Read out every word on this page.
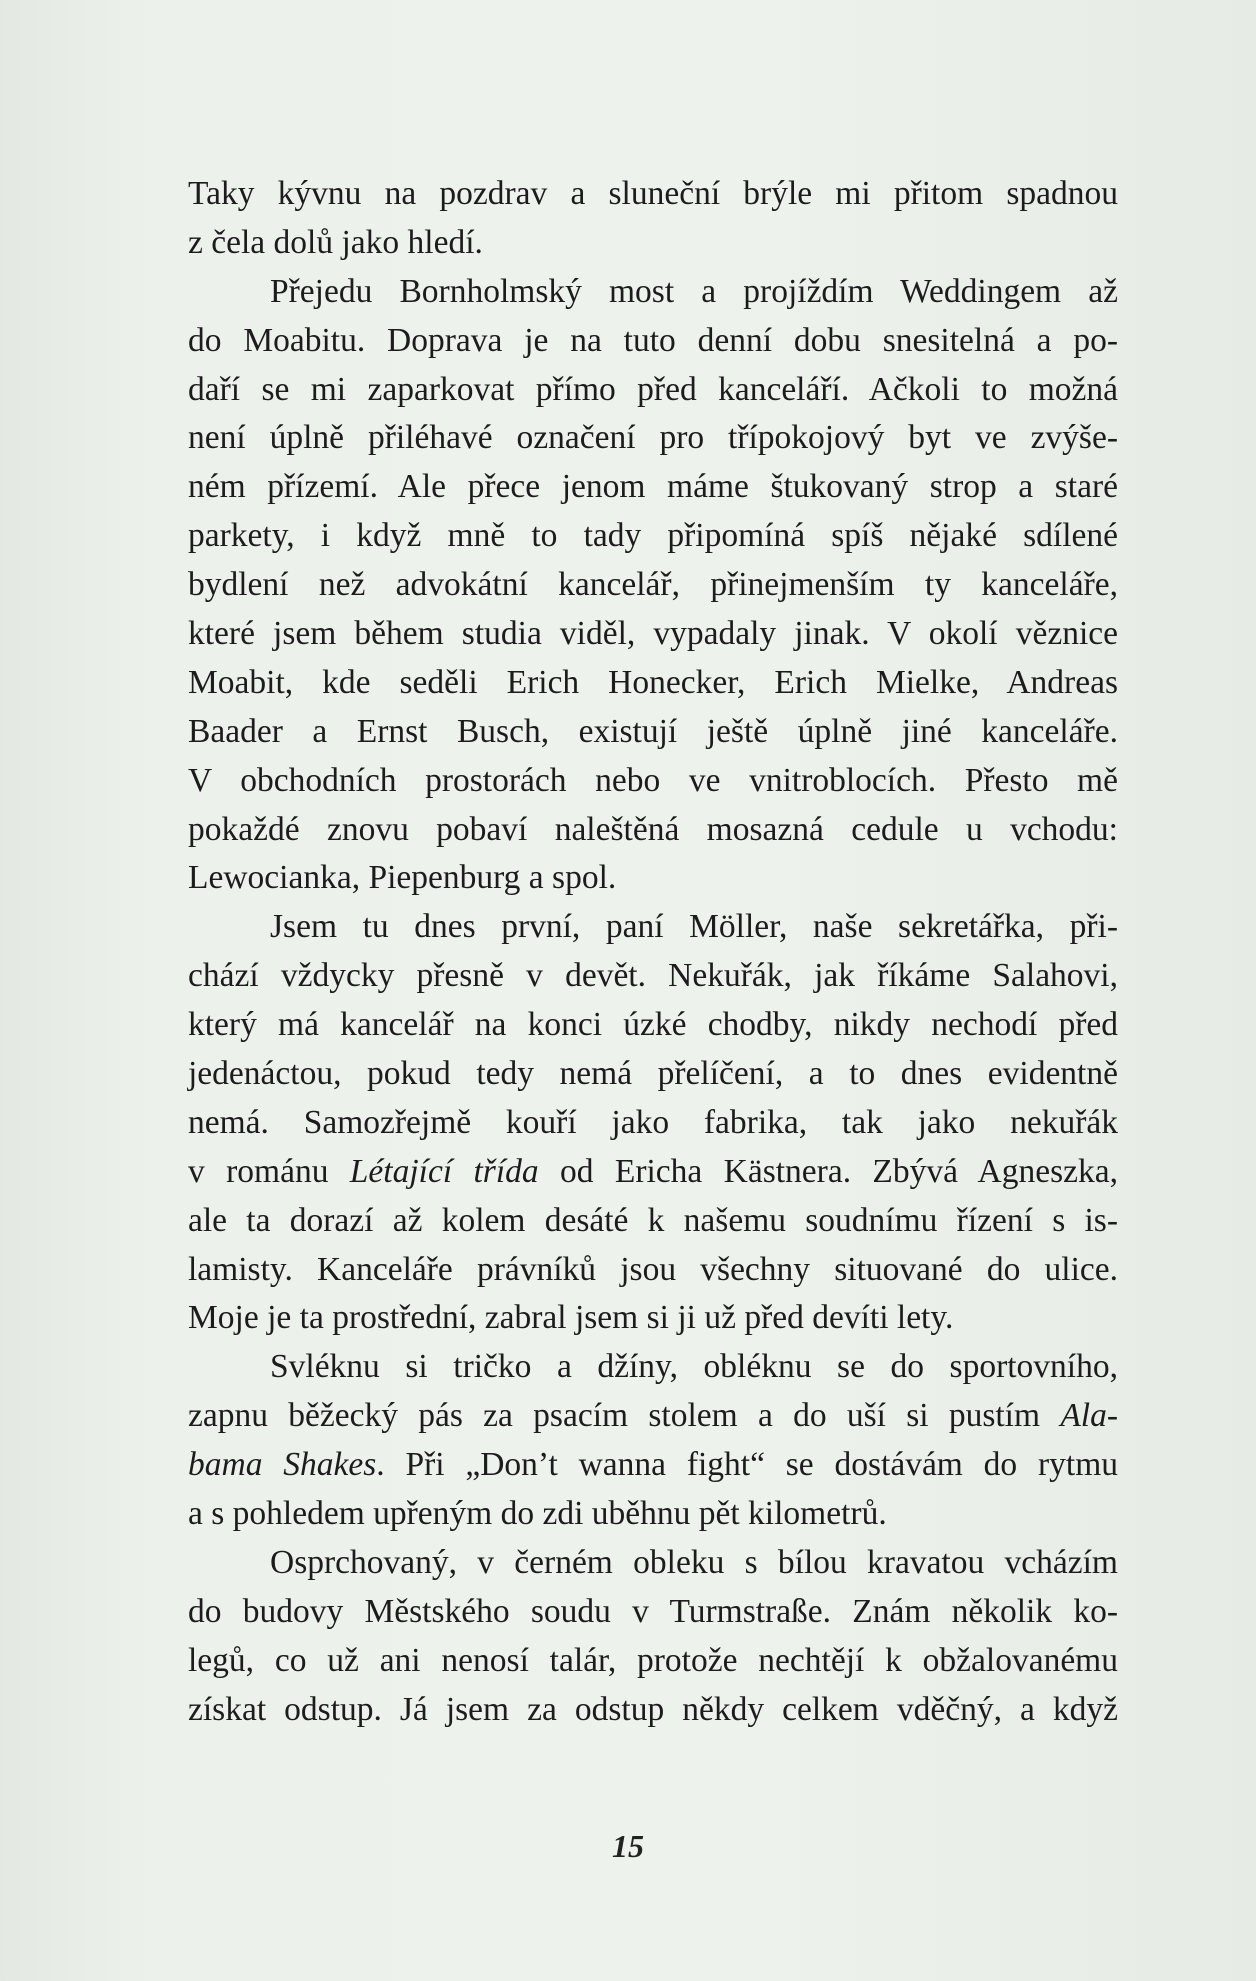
Taky kývnu na pozdrav a sluneční brýle mi přitom spadnou
z čela dolů jako hledí.
Přejedu Bornholmský most a projíždím Weddingem až
do Moabitu. Doprava je na tuto denní dobu snesitelná a po-
daří se mi zaparkovat přímo před kanceláří. Ačkoli to možná
není úplně přiléhavé označení pro třípokojový byt ve zvýše-
ném přízemí. Ale přece jenom máme štukovaný strop a staré
parkety, i když mně to tady připomíná spíš nějaké sdílené
bydlení než advokátní kancelář, přinejmenším ty kanceláře,
které jsem během studia viděl, vypadaly jinak. V okolí věznice
Moabit, kde seděli Erich Honecker, Erich Mielke, Andreas
Baader a Ernst Busch, existují ještě úplně jiné kanceláře.
V obchodních prostorách nebo ve vnitroblocích. Přesto mě
pokaždé znovu pobaví naleštěná mosazná cedule u vchodu:
Lewocianka, Piepenburg a spol.
Jsem tu dnes první, paní Möller, naše sekretářka, při-
chází vždycky přesně v devět. Nekuřák, jak říkáme Salahovi,
který má kancelář na konci úzké chodby, nikdy nechodí před
jedenáctou, pokud tedy nemá přelíčení, a to dnes evidentně
nemá. Samozřejmě kouří jako fabrika, tak jako nekuřák
v románu Létající třída od Ericha Kästnera. Zbývá Agneszka,
ale ta dorazí až kolem desáté k našemu soudnímu řízení s is-
lamisty. Kanceláře právníků jsou všechny situované do ulice.
Moje je ta prostřední, zabral jsem si ji už před devíti lety.
Svléknu si tričko a džíny, obléknu se do sportovního,
zapnu běžecký pás za psacím stolem a do uší si pustím Ala-
bama Shakes. Při „Don’t wanna fight“ se dostávám do rytmu
a s pohledem upřeným do zdi uběhnu pět kilometrů.
Osprchovaný, v černém obleku s bílou kravatou vcházím
do budovy Městského soudu v Turmstraße. Znám několik ko-
legů, co už ani nenosí talár, protože nechtějí k obžalovanému
získat odstup. Já jsem za odstup někdy celkem vděčný, a když
15
